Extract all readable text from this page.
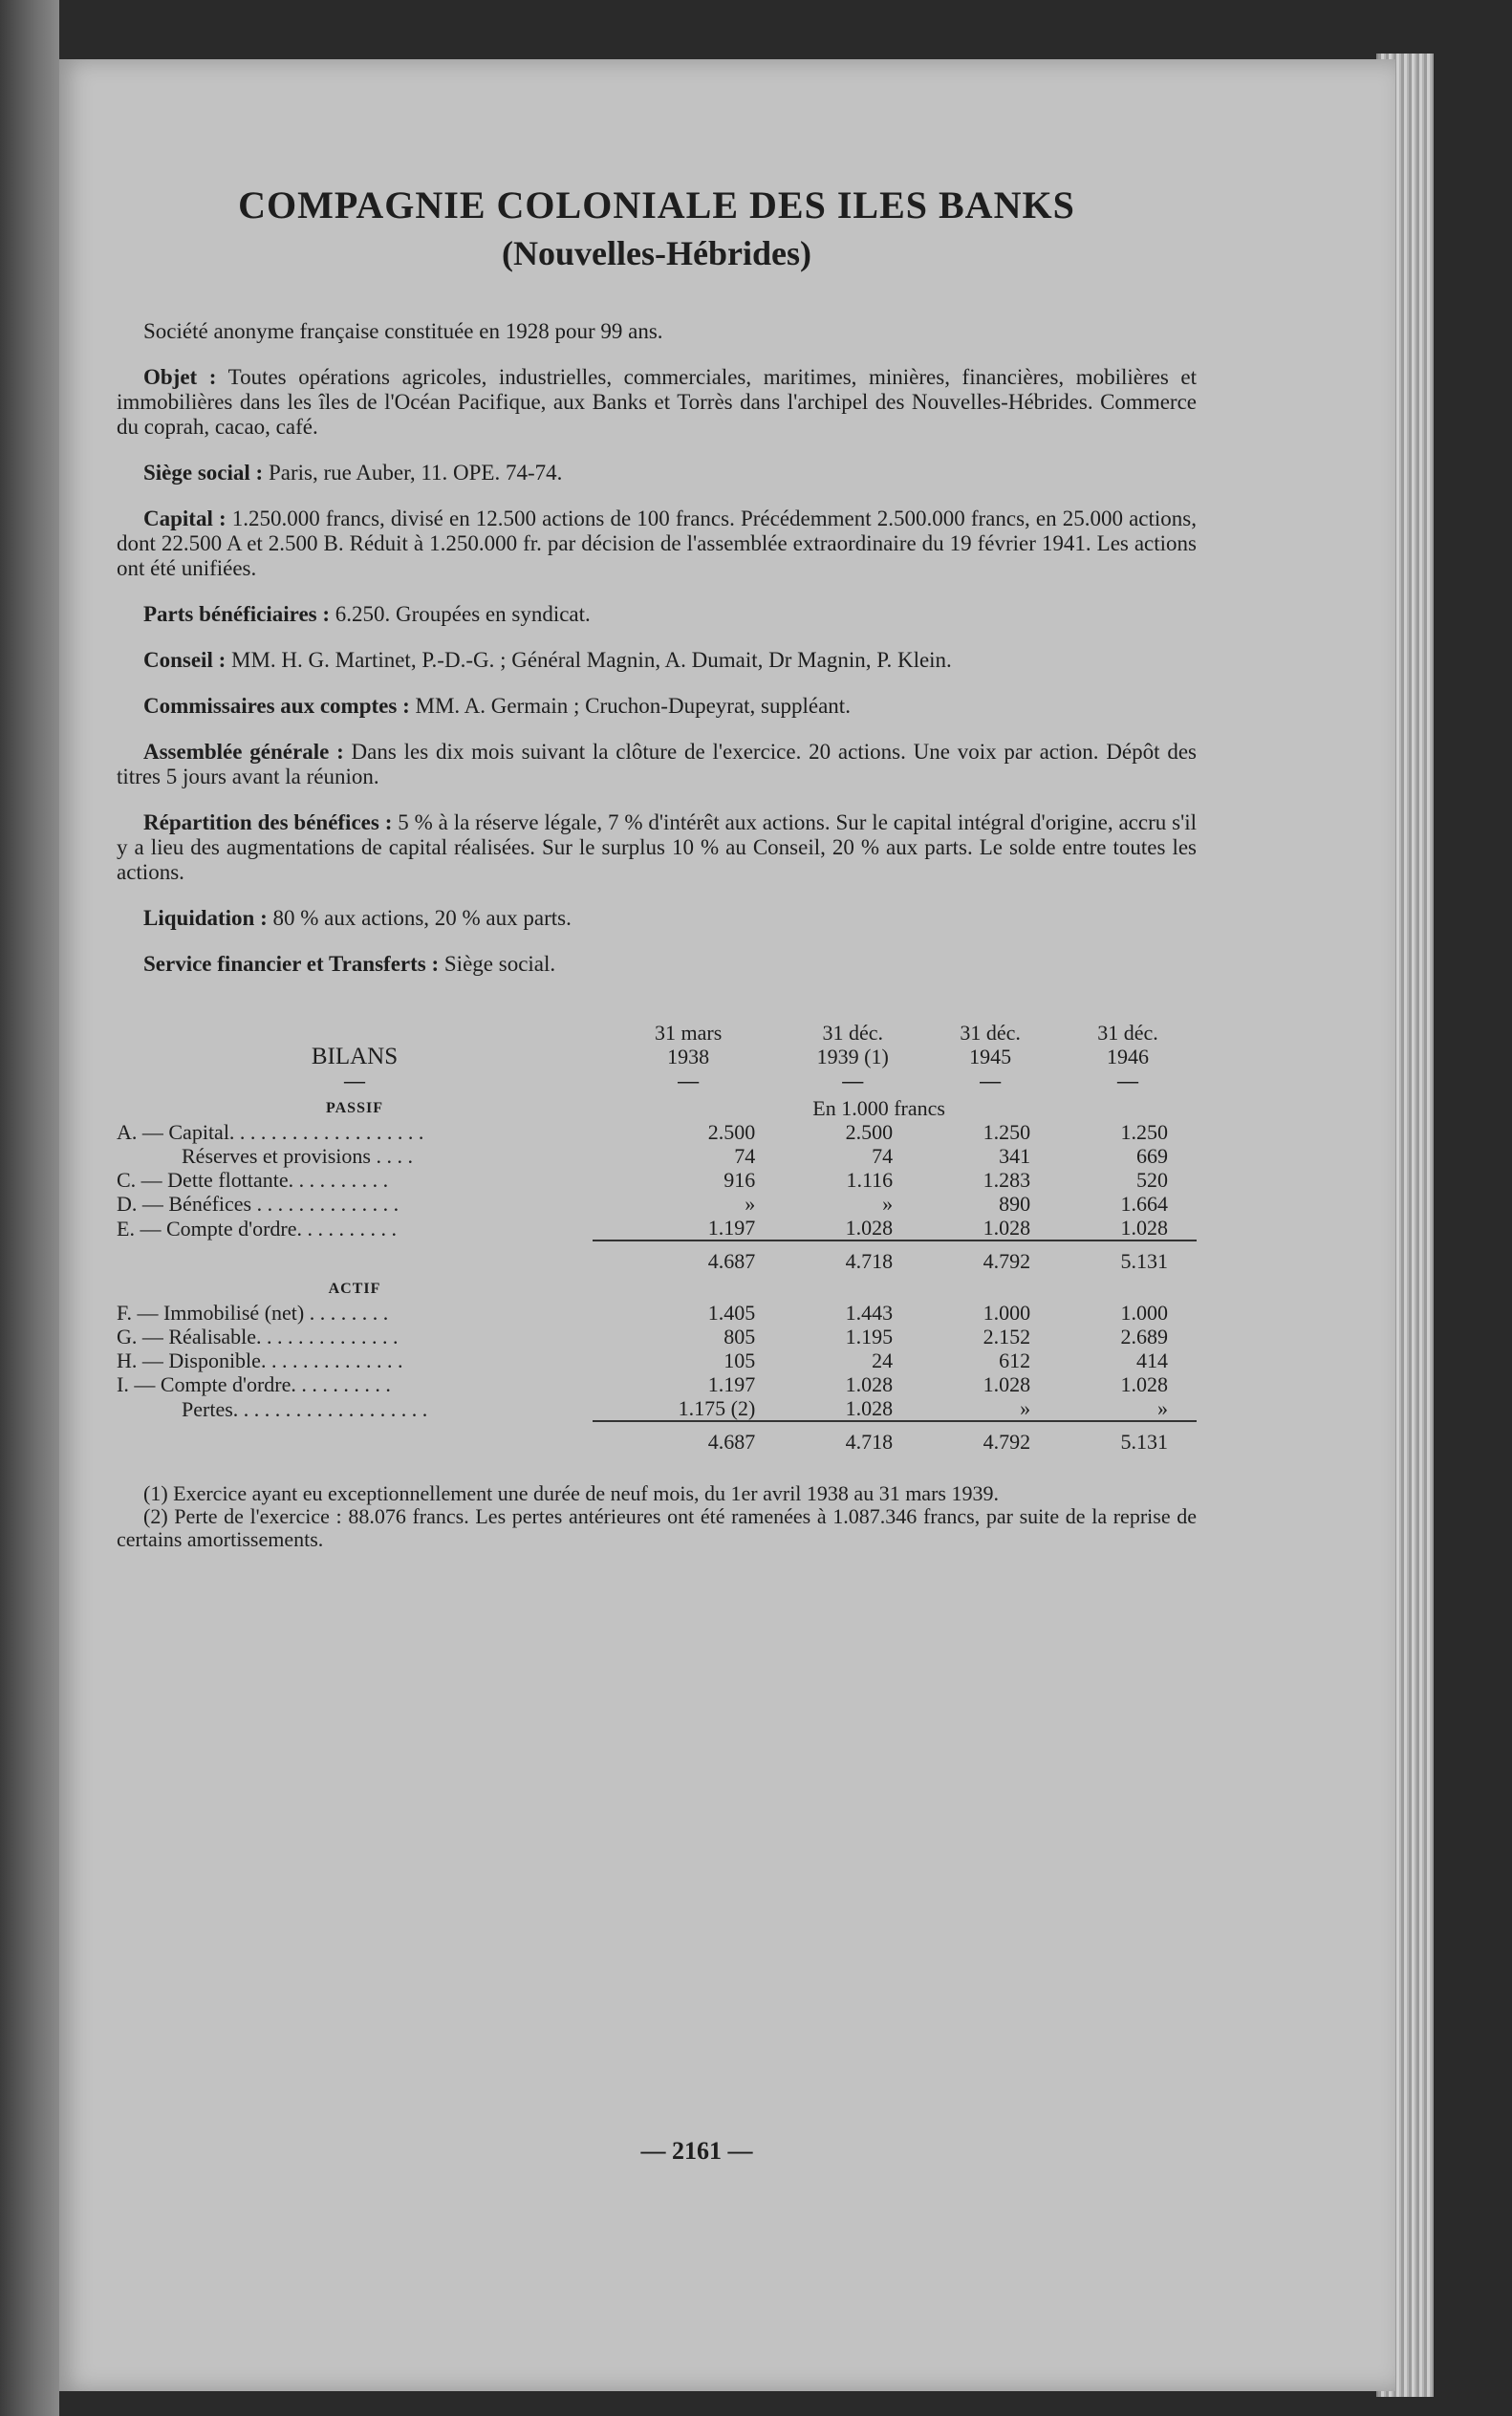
COMPAGNIE COLONIALE DES ILES BANKS
(Nouvelles-Hébrides)

Société anonyme française constituée en 1928 pour 99 ans.

Objet : Toutes opérations agricoles, industrielles, commerciales, maritimes, minières, financières, mobilières et immobilières dans les îles de l'Océan Pacifique, aux Banks et Torrès dans l'archipel des Nouvelles-Hébrides. Commerce du coprah, cacao, café.

Siège social : Paris, rue Auber, 11. OPE. 74-74.

Capital : 1.250.000 francs, divisé en 12.500 actions de 100 francs. Précédemment 2.500.000 francs, en 25.000 actions, dont 22.500 A et 2.500 B. Réduit à 1.250.000 fr. par décision de l'assemblée extraordinaire du 19 février 1941. Les actions ont été unifiées.

Parts bénéficiaires : 6.250. Groupées en syndicat.

Conseil : MM. H. G. Martinet, P.-D.-G. ; Général Magnin, A. Dumait, Dr Magnin, P. Klein.

Commissaires aux comptes : MM. A. Germain ; Cruchon-Dupeyrat, suppléant.

Assemblée générale : Dans les dix mois suivant la clôture de l'exercice. 20 actions. Une voix par action. Dépôt des titres 5 jours avant la réunion.

Répartition des bénéfices : 5 % à la réserve légale, 7 % d'intérêt aux actions. Sur le capital intégral d'origine, accru s'il y a lieu des augmentations de capital réalisées. Sur le surplus 10 % au Conseil, 20 % aux parts. Le solde entre toutes les actions.

Liquidation : 80 % aux actions, 20 % aux parts.

Service financier et Transferts : Siège social.

	31 mars	31 déc.	31 déc.	31 déc.
BILANS	1938	1939 (1)	1945	1946
—	—	—	—	—
PASSIF		En 1.000 francs		
A. — Capital. . . . . . . . . . . . . . . . . . .	2.500	2.500	1.250	1.250
Réserves et provisions . . . .	74	74	341	669
C. — Dette flottante. . . . . . . . . .	916	1.116	1.283	520
D. — Bénéfices . . . . . . . . . . . . . .	»	»	890	1.664
E. — Compte d'ordre. . . . . . . . . .	1.197	1.028	1.028	1.028
	4.687	4.718	4.792	5.131
ACTIF				
F. — Immobilisé (net) . . . . . . . .	1.405	1.443	1.000	1.000
G. — Réalisable. . . . . . . . . . . . . .	805	1.195	2.152	2.689
H. — Disponible. . . . . . . . . . . . . .	105	24	612	414
I. — Compte d'ordre. . . . . . . . . .	1.197	1.028	1.028	1.028
Pertes. . . . . . . . . . . . . . . . . . .	1.175 (2)	1.028	»	»
	4.687	4.718	4.792	5.131

(1) Exercice ayant eu exceptionnellement une durée de neuf mois, du 1er avril 1938 au 31 mars 1939.

(2) Perte de l'exercice : 88.076 francs. Les pertes antérieures ont été ramenées à 1.087.346 francs, par suite de la reprise de certains amortissements.

— 2161 —
